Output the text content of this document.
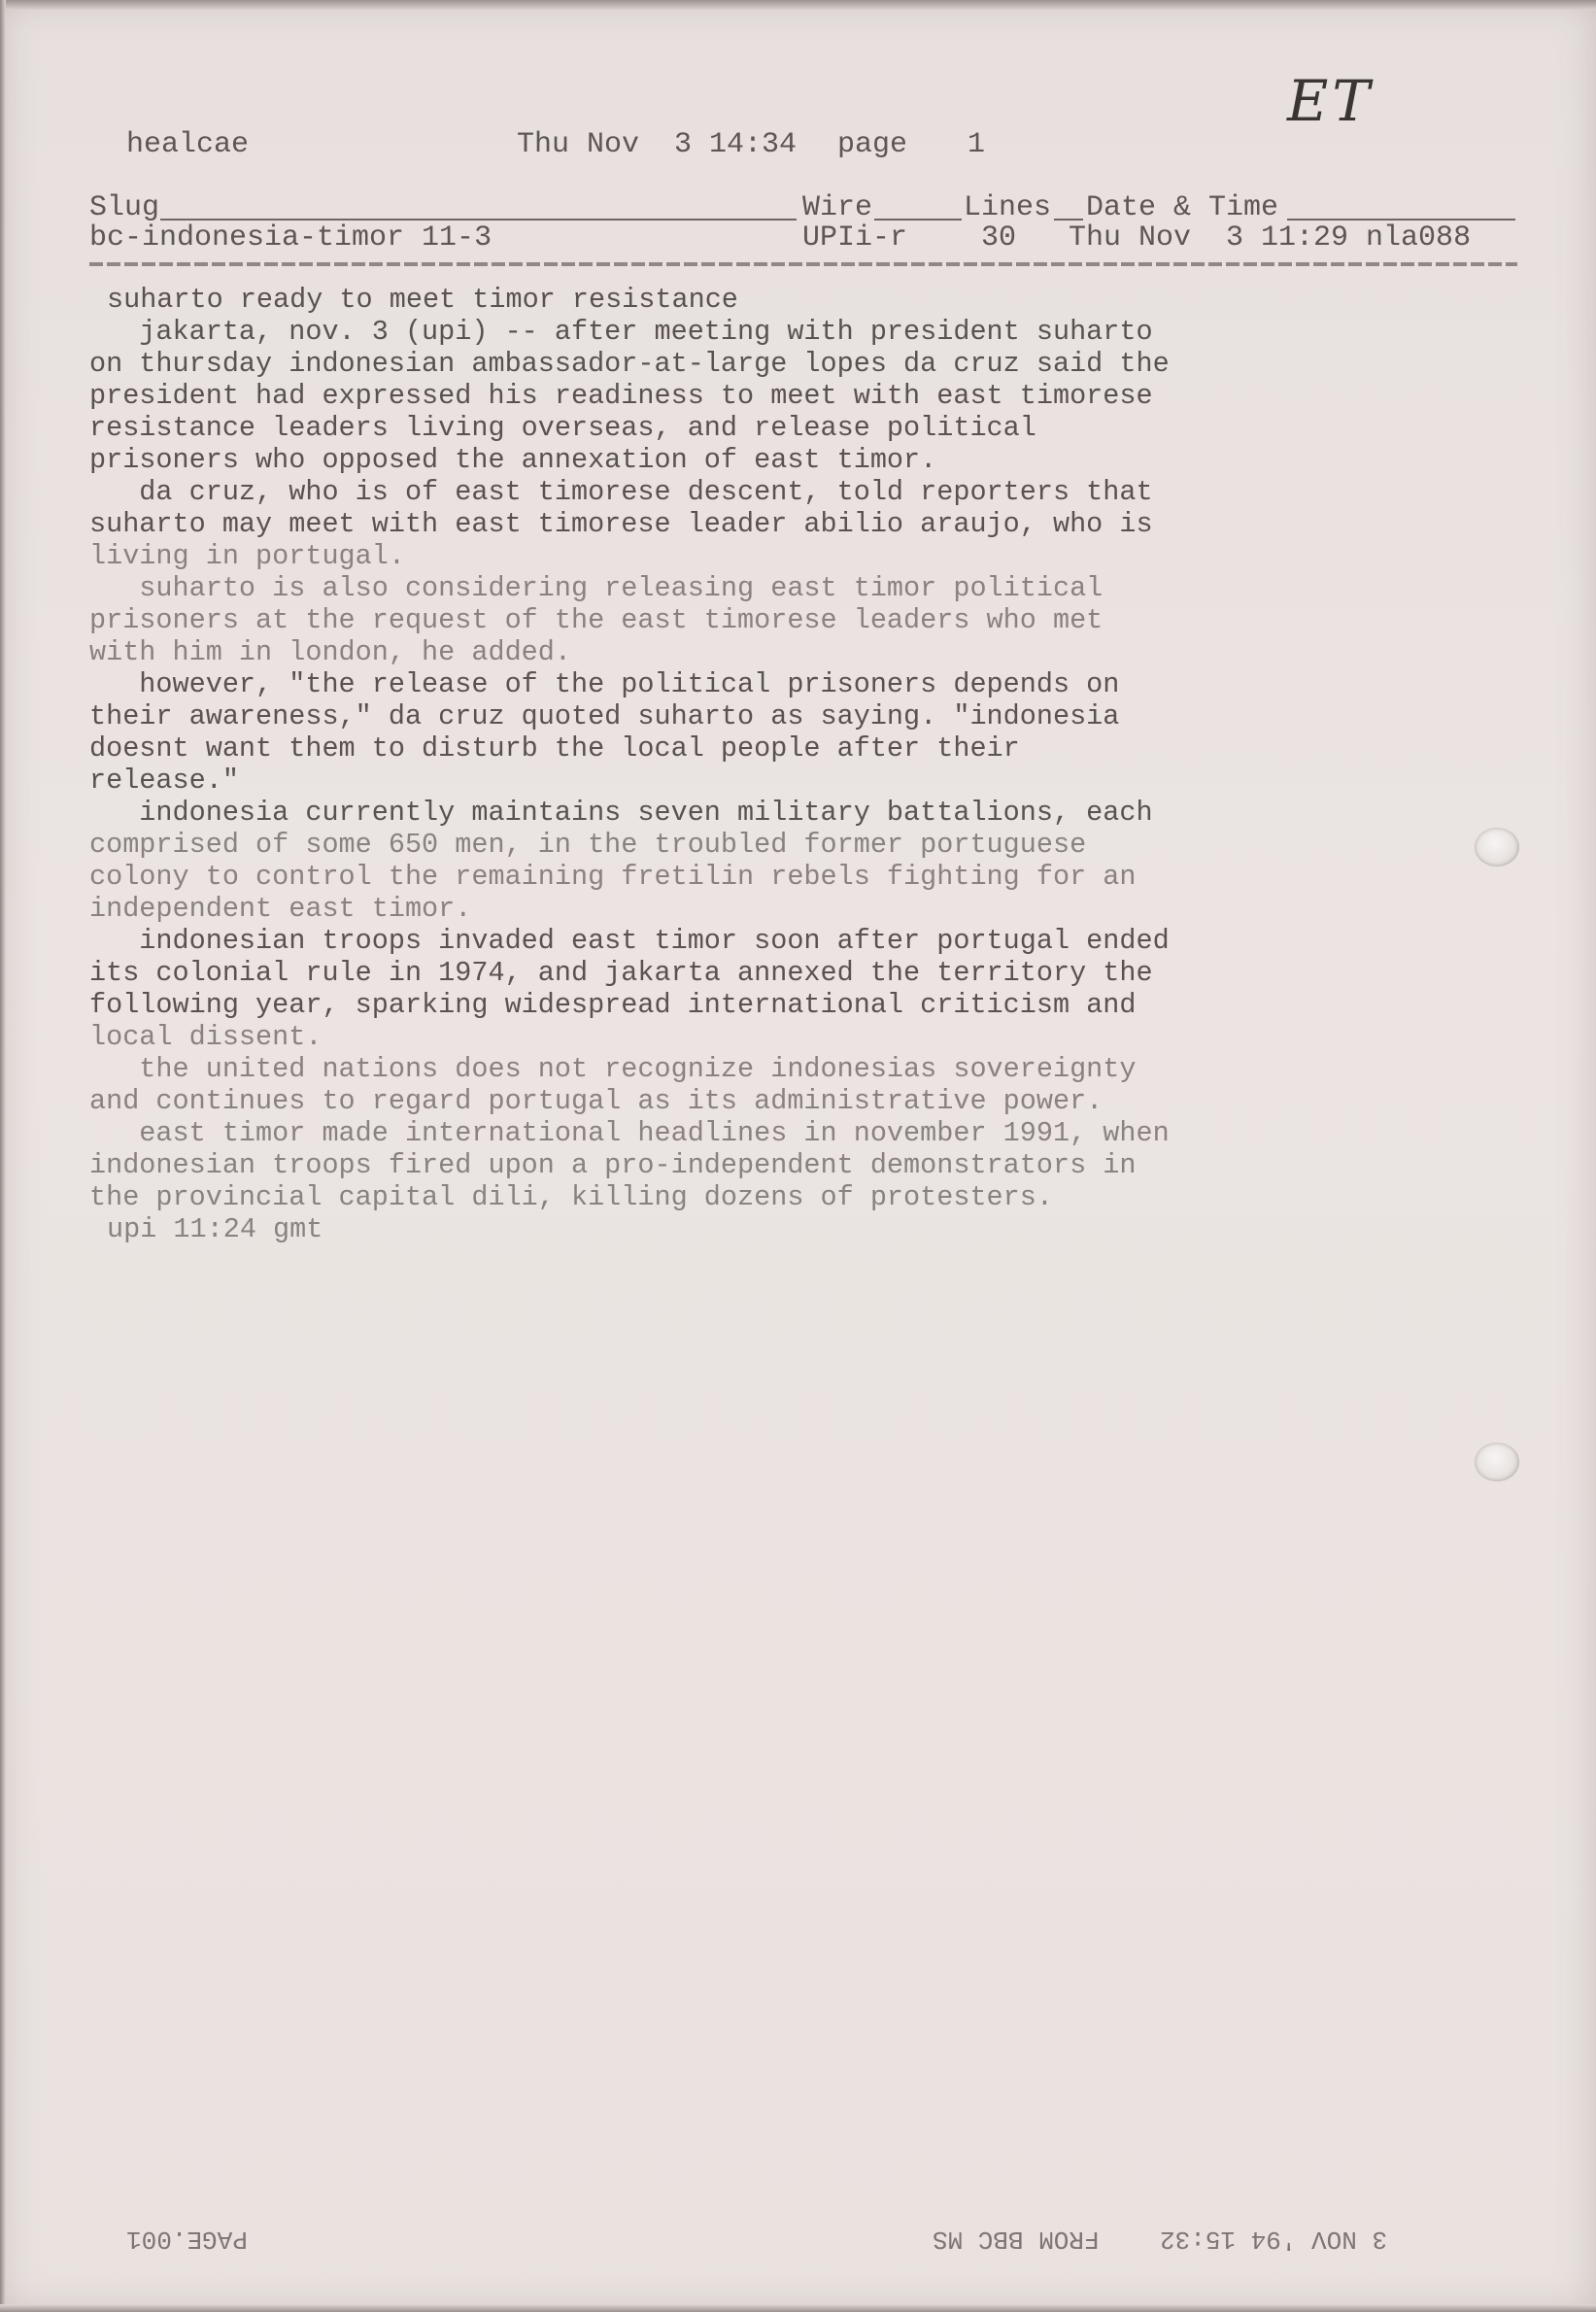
healcae	Thu Nov  3 14:34 page 1
ET
Slug	Wire	Lines Date & Time
bc-indonesia-timor 11-3	UPIi-r	30 Thu Nov  3 11:29 nla088
suharto ready to meet timor resistance
jakarta, nov. 3 (upi) -- after meeting with president suharto
on thursday indonesian ambassador-at-large lopes da cruz said the
president had expressed his readiness to meet with east timorese
resistance leaders living overseas, and release political
prisoners who opposed the annexation of east timor.
da cruz, who is of east timorese descent, told reporters that
suharto may meet with east timorese leader abilio araujo, who is
living in portugal.
suharto is also considering releasing east timor political
prisoners at the request of the east timorese leaders who met
with him in london, he added.
however, "the release of the political prisoners depends on
their awareness," da cruz quoted suharto as saying. "indonesia
doesnt want them to disturb the local people after their
release."
indonesia currently maintains seven military battalions, each
comprised of some 650 men, in the troubled former portuguese
colony to control the remaining fretilin rebels fighting for an
independent east timor.
indonesian troops invaded east timor soon after portugal ended
its colonial rule in 1974, and jakarta annexed the territory the
following year, sparking widespread international criticism and
local dissent.
the united nations does not recognize indonesias sovereignty
and continues to regard portugal as its administrative power.
east timor made international headlines in november 1991, when
indonesian troops fired upon a pro-independent demonstrators in
the provincial capital dili, killing dozens of protesters.
upi 11:24 gmt
PAGE.001	3 NOV '94 15:32    FROM BBC MS
